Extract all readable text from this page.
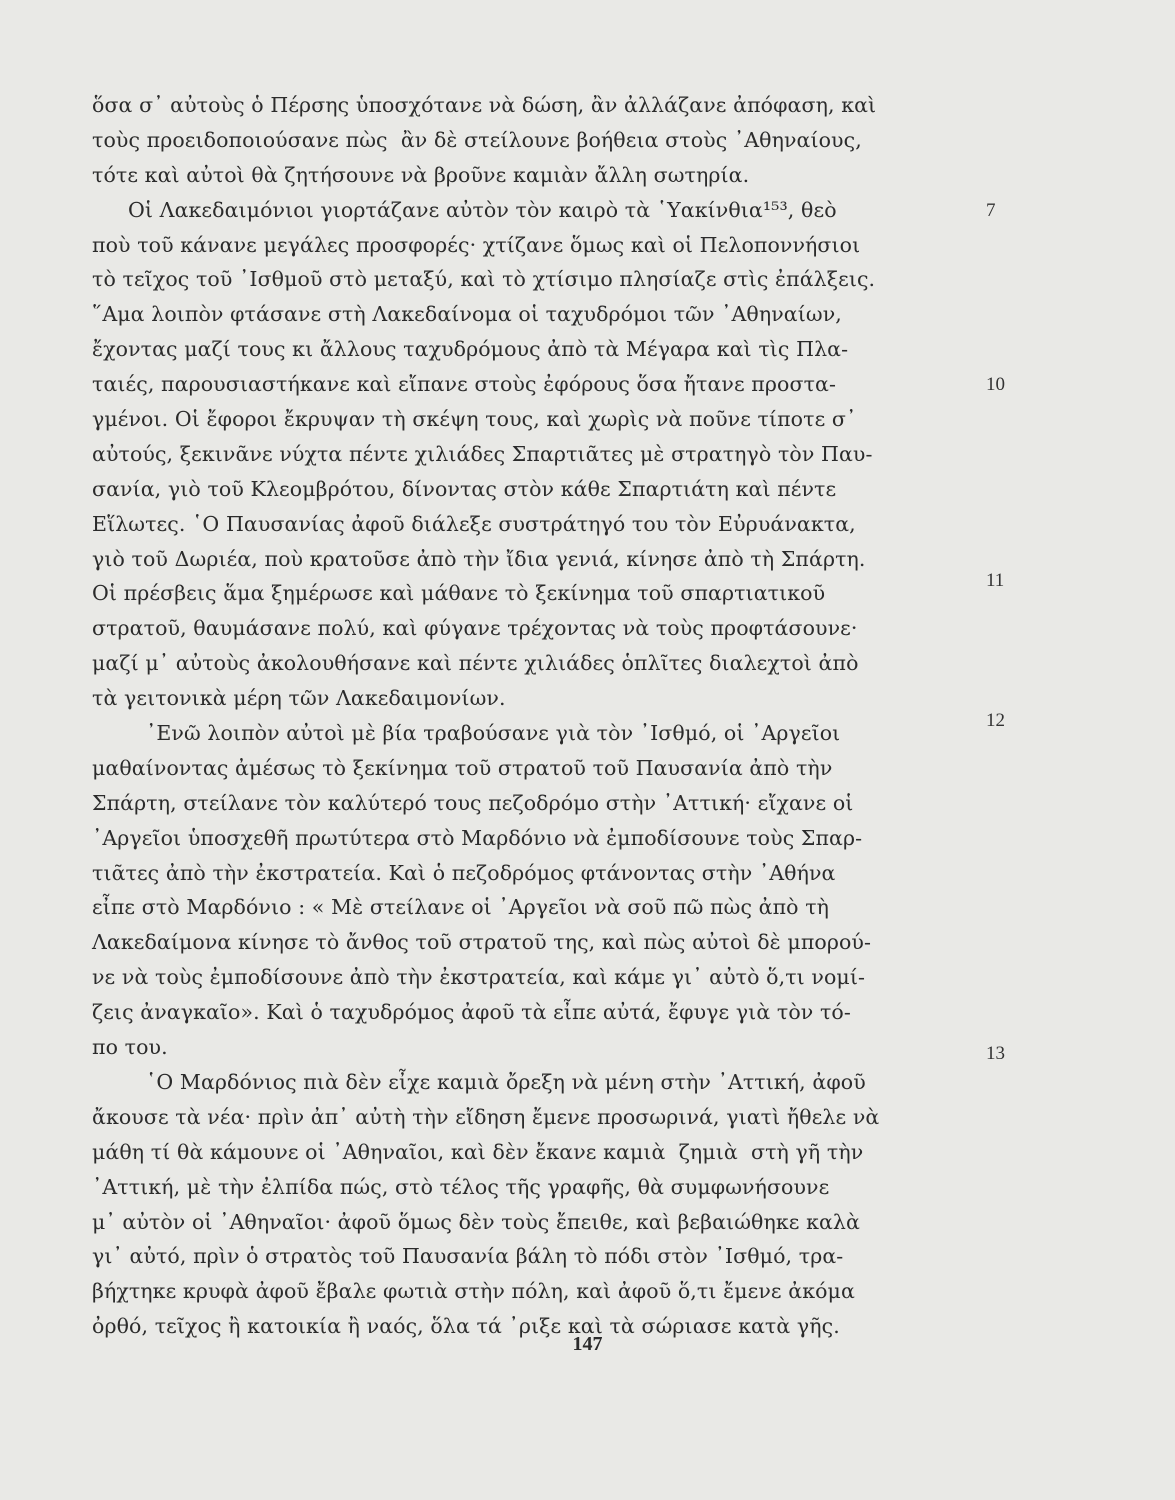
ὅσα σ᾽ αὐτοὺς ὁ Πέρσης ὑποσχότανε νὰ δώση, ἂν ἀλλάζανε ἀπόφαση, καὶ
τοὺς προειδοποιούσανε πὼς  ἂν δὲ στείλουνε βοήθεια στοὺς ᾿Αθηναίους,
τότε καὶ αὐτοὶ θὰ ζητήσουνε νὰ βροῦνε καμιὰν ἄλλη σωτηρία.
Οἱ Λακεδαιμόνιοι γιορτάζανε αὐτὸν τὸν καιρὸ τὰ ῾Υακίνθια¹⁵³, θεὸ
ποὺ τοῦ κάνανε μεγάλες προσφορές· χτίζανε ὅμως καὶ οἱ Πελοποννήσιοι
τὸ τεῖχος τοῦ ᾿Ισθμοῦ στὸ μεταξύ, καὶ τὸ χτίσιμο πλησίαζε στὶς ἐπάλξεις.
῞Αμα λοιπὸν φτάσανε στὴ Λακεδαίνομα οἱ ταχυδρόμοι τῶν ᾿Αθηναίων,
ἔχοντας μαζί τους κι ἄλλους ταχυδρόμους ἀπὸ τὰ Μέγαρα καὶ τὶς Πλα-
ταιές, παρουσιαστήκανε καὶ εἴπανε στοὺς ἐφόρους ὅσα ἤτανε προστα-
γμένοι. Οἱ ἔφοροι ἔκρυψαν τὴ σκέψη τους, καὶ χωρὶς νὰ ποῦνε τίποτε σ᾽
αὐτούς, ξεκινᾶνε νύχτα πέντε χιλιάδες Σπαρτιᾶτες μὲ στρατηγὸ τὸν Παυ-
σανία, γιὸ τοῦ Κλεομβρότου, δίνοντας στὸν κάθε Σπαρτιάτη καὶ πέντε
Εἵλωτες. ῾Ο Παυσανίας ἀφοῦ διάλεξε συστράτηγό του τὸν Εὐρυάνακτα,
γιὸ τοῦ Δωριέα, ποὺ κρατοῦσε ἀπὸ τὴν ἴδια γενιά, κίνησε ἀπὸ τὴ Σπάρτη.
Οἱ πρέσβεις ἅμα ξημέρωσε καὶ μάθανε τὸ ξεκίνημα τοῦ σπαρτιατικοῦ
στρατοῦ, θαυμάσανε πολύ, καὶ φύγανε τρέχοντας νὰ τοὺς προφτάσουνε·
μαζί μ᾽ αὐτοὺς ἀκολουθήσανε καὶ πέντε χιλιάδες ὁπλῖτες διαλεχτοὶ ἀπὸ
τὰ γειτονικὰ μέρη τῶν Λακεδαιμονίων.
᾿Ενῶ λοιπὸν αὐτοὶ μὲ βία τραβούσανε γιὰ τὸν ᾿Ισθμό, οἱ ᾿Αργεῖοι
μαθαίνοντας ἀμέσως τὸ ξεκίνημα τοῦ στρατοῦ τοῦ Παυσανία ἀπὸ τὴν
Σπάρτη, στείλανε τὸν καλύτερό τους πεζοδρόμο στὴν ᾿Αττική· εἴχανε οἱ
᾿Αργεῖοι ὑποσχεθῆ πρωτύτερα στὸ Μαρδόνιο νὰ ἐμποδίσουνε τοὺς Σπαρ-
τιᾶτες ἀπὸ τὴν ἐκστρατεία. Καὶ ὁ πεζοδρόμος φτάνοντας στὴν ᾿Αθήνα
εἶπε στὸ Μαρδόνιο : « Μὲ στείλανε οἱ ᾿Αργεῖοι νὰ σοῦ πῶ πὼς ἀπὸ τὴ
Λακεδαίμονα κίνησε τὸ ἄνθος τοῦ στρατοῦ της, καὶ πὼς αὐτοὶ δὲ μπορού-
νε νὰ τοὺς ἐμποδίσουνε ἀπὸ τὴν ἐκστρατεία, καὶ κάμε γι᾽ αὐτὸ ὅ,τι νομί-
ζεις ἀναγκαῖο». Καὶ ὁ ταχυδρόμος ἀφοῦ τὰ εἶπε αὐτά, ἔφυγε γιὰ τὸν τό-
πο του.
῾Ο Μαρδόνιος πιὰ δὲν εἶχε καμιὰ ὄρεξη νὰ μένη στὴν ᾿Αττική, ἀφοῦ
ἄκουσε τὰ νέα· πρὶν ἀπ᾽ αὐτὴ τὴν εἴδηση ἔμενε προσωρινά, γιατὶ ἤθελε νὰ
μάθη τί θὰ κάμουνε οἱ ᾿Αθηναῖοι, καὶ δὲν ἔκανε καμιὰ  ζημιὰ  στὴ γῆ τὴν
᾿Αττική, μὲ τὴν ἐλπίδα πώς, στὸ τέλος τῆς γραφῆς, θὰ συμφωνήσουνε
μ᾽ αὐτὸν οἱ ᾿Αθηναῖοι· ἀφοῦ ὅμως δὲν τοὺς ἔπειθε, καὶ βεβαιώθηκε καλὰ
γι᾽ αὐτό, πρὶν ὁ στρατὸς τοῦ Παυσανία βάλη τὸ πόδι στὸν ᾿Ισθμό, τρα-
βήχτηκε κρυφὰ ἀφοῦ ἔβαλε φωτιὰ στὴν πόλη, καὶ ἀφοῦ ὅ,τι ἔμενε ἀκόμα
ὀρθό, τεῖχος ἢ κατοικία ἢ ναός, ὅλα τά ᾽ριξε καὶ τὰ σώριασε κατὰ γῆς.
7
10
11
12
13
147
